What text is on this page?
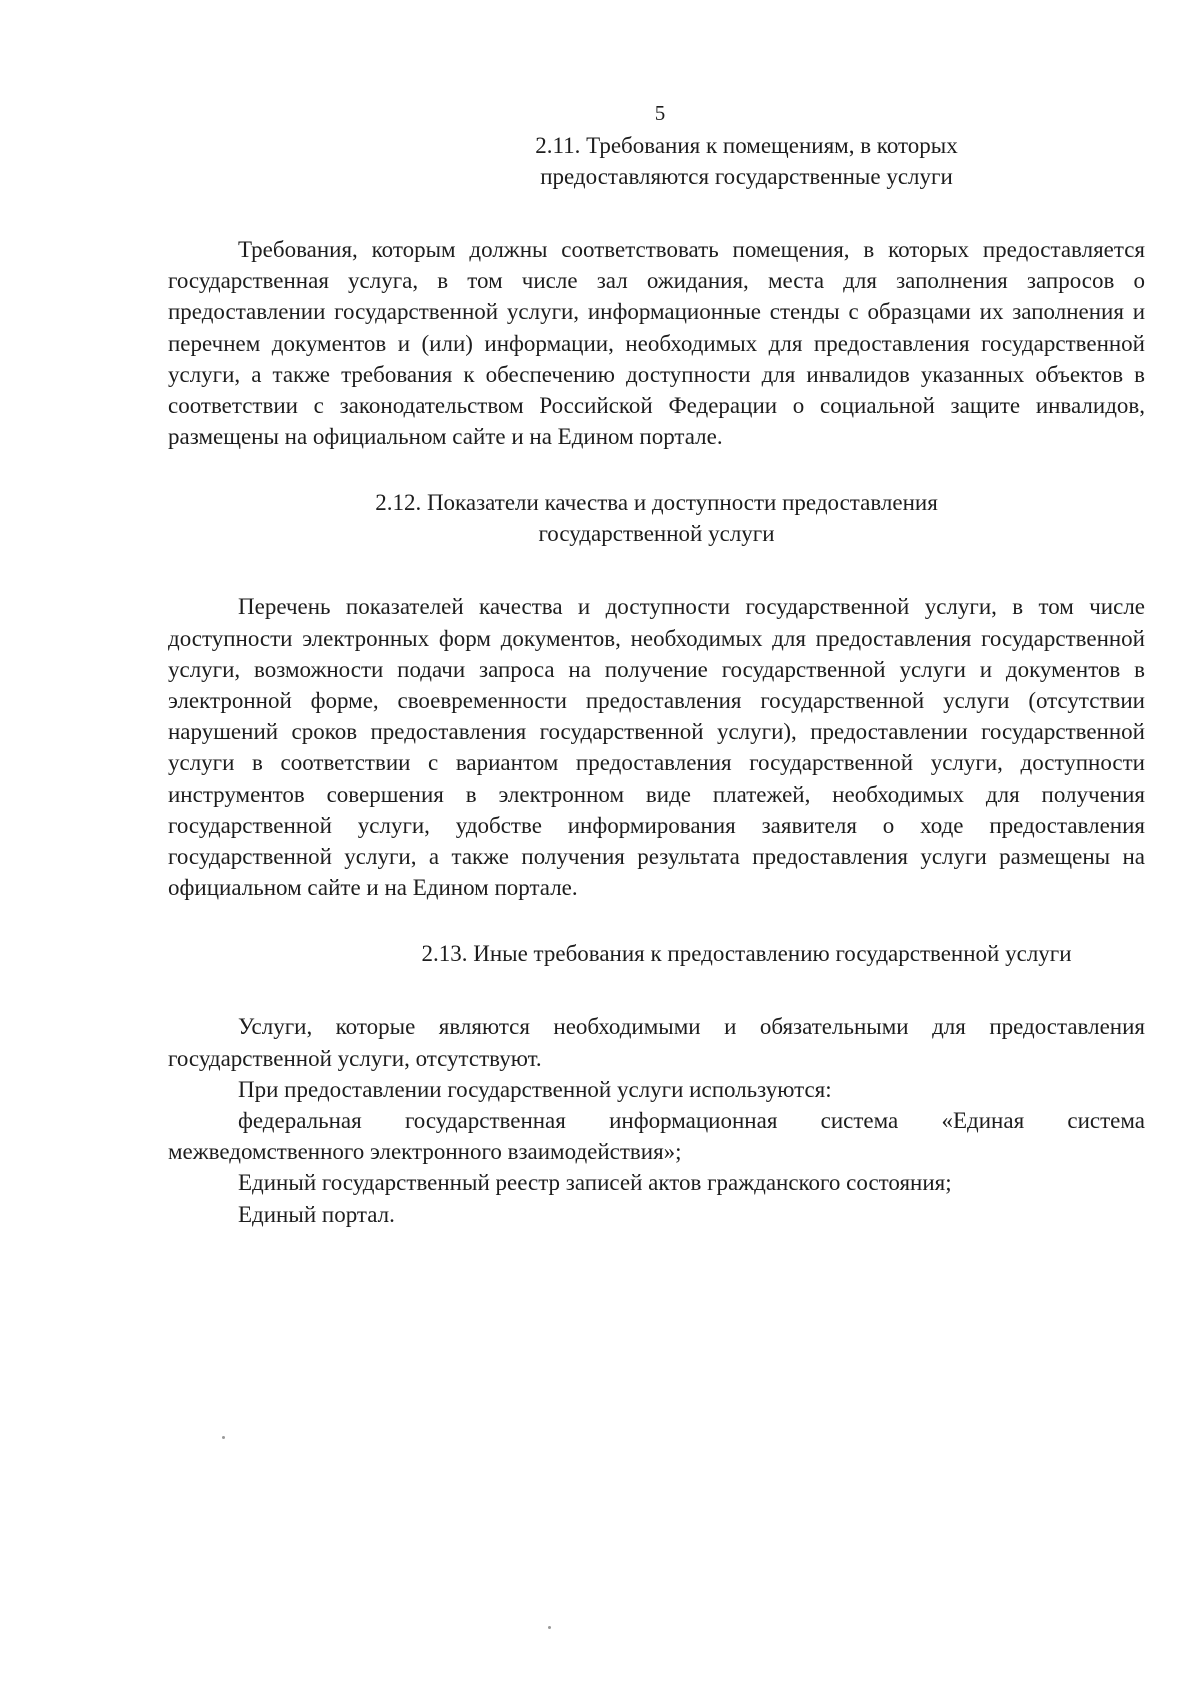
5
2.11. Требования к помещениям, в которых
предоставляются государственные услуги

Требования, которым должны соответствовать помещения, в которых предоставляется государственная услуга, в том числе зал ожидания, места для заполнения запросов о предоставлении государственной услуги, информационные стенды с образцами их заполнения и перечнем документов и (или) информации, необходимых для предоставления государственной услуги, а также требования к обеспечению доступности для инвалидов указанных объектов в соответствии с законодательством Российской Федерации о социальной защите инвалидов, размещены на официальном сайте и на Едином портале.

2.12. Показатели качества и доступности предоставления
государственной услуги

Перечень показателей качества и доступности государственной услуги, в том числе доступности электронных форм документов, необходимых для предоставления государственной услуги, возможности подачи запроса на получение государственной услуги и документов в электронной форме, своевременности предоставления государственной услуги (отсутствии нарушений сроков предоставления государственной услуги), предоставлении государственной услуги в соответствии с вариантом предоставления государственной услуги, доступности инструментов совершения в электронном виде платежей, необходимых для получения государственной услуги, удобстве информирования заявителя о ходе предоставления государственной услуги, а также получения результата предоставления услуги размещены на официальном сайте и на Едином портале.

2.13. Иные требования к предоставлению государственной услуги

Услуги, которые являются необходимыми и обязательными для предоставления государственной услуги, отсутствуют.

При предоставлении государственной услуги используются:

федеральная государственная информационная система «Единая система межведомственного электронного взаимодействия»;

Единый государственный реестр записей актов гражданского состояния;

Единый портал.
